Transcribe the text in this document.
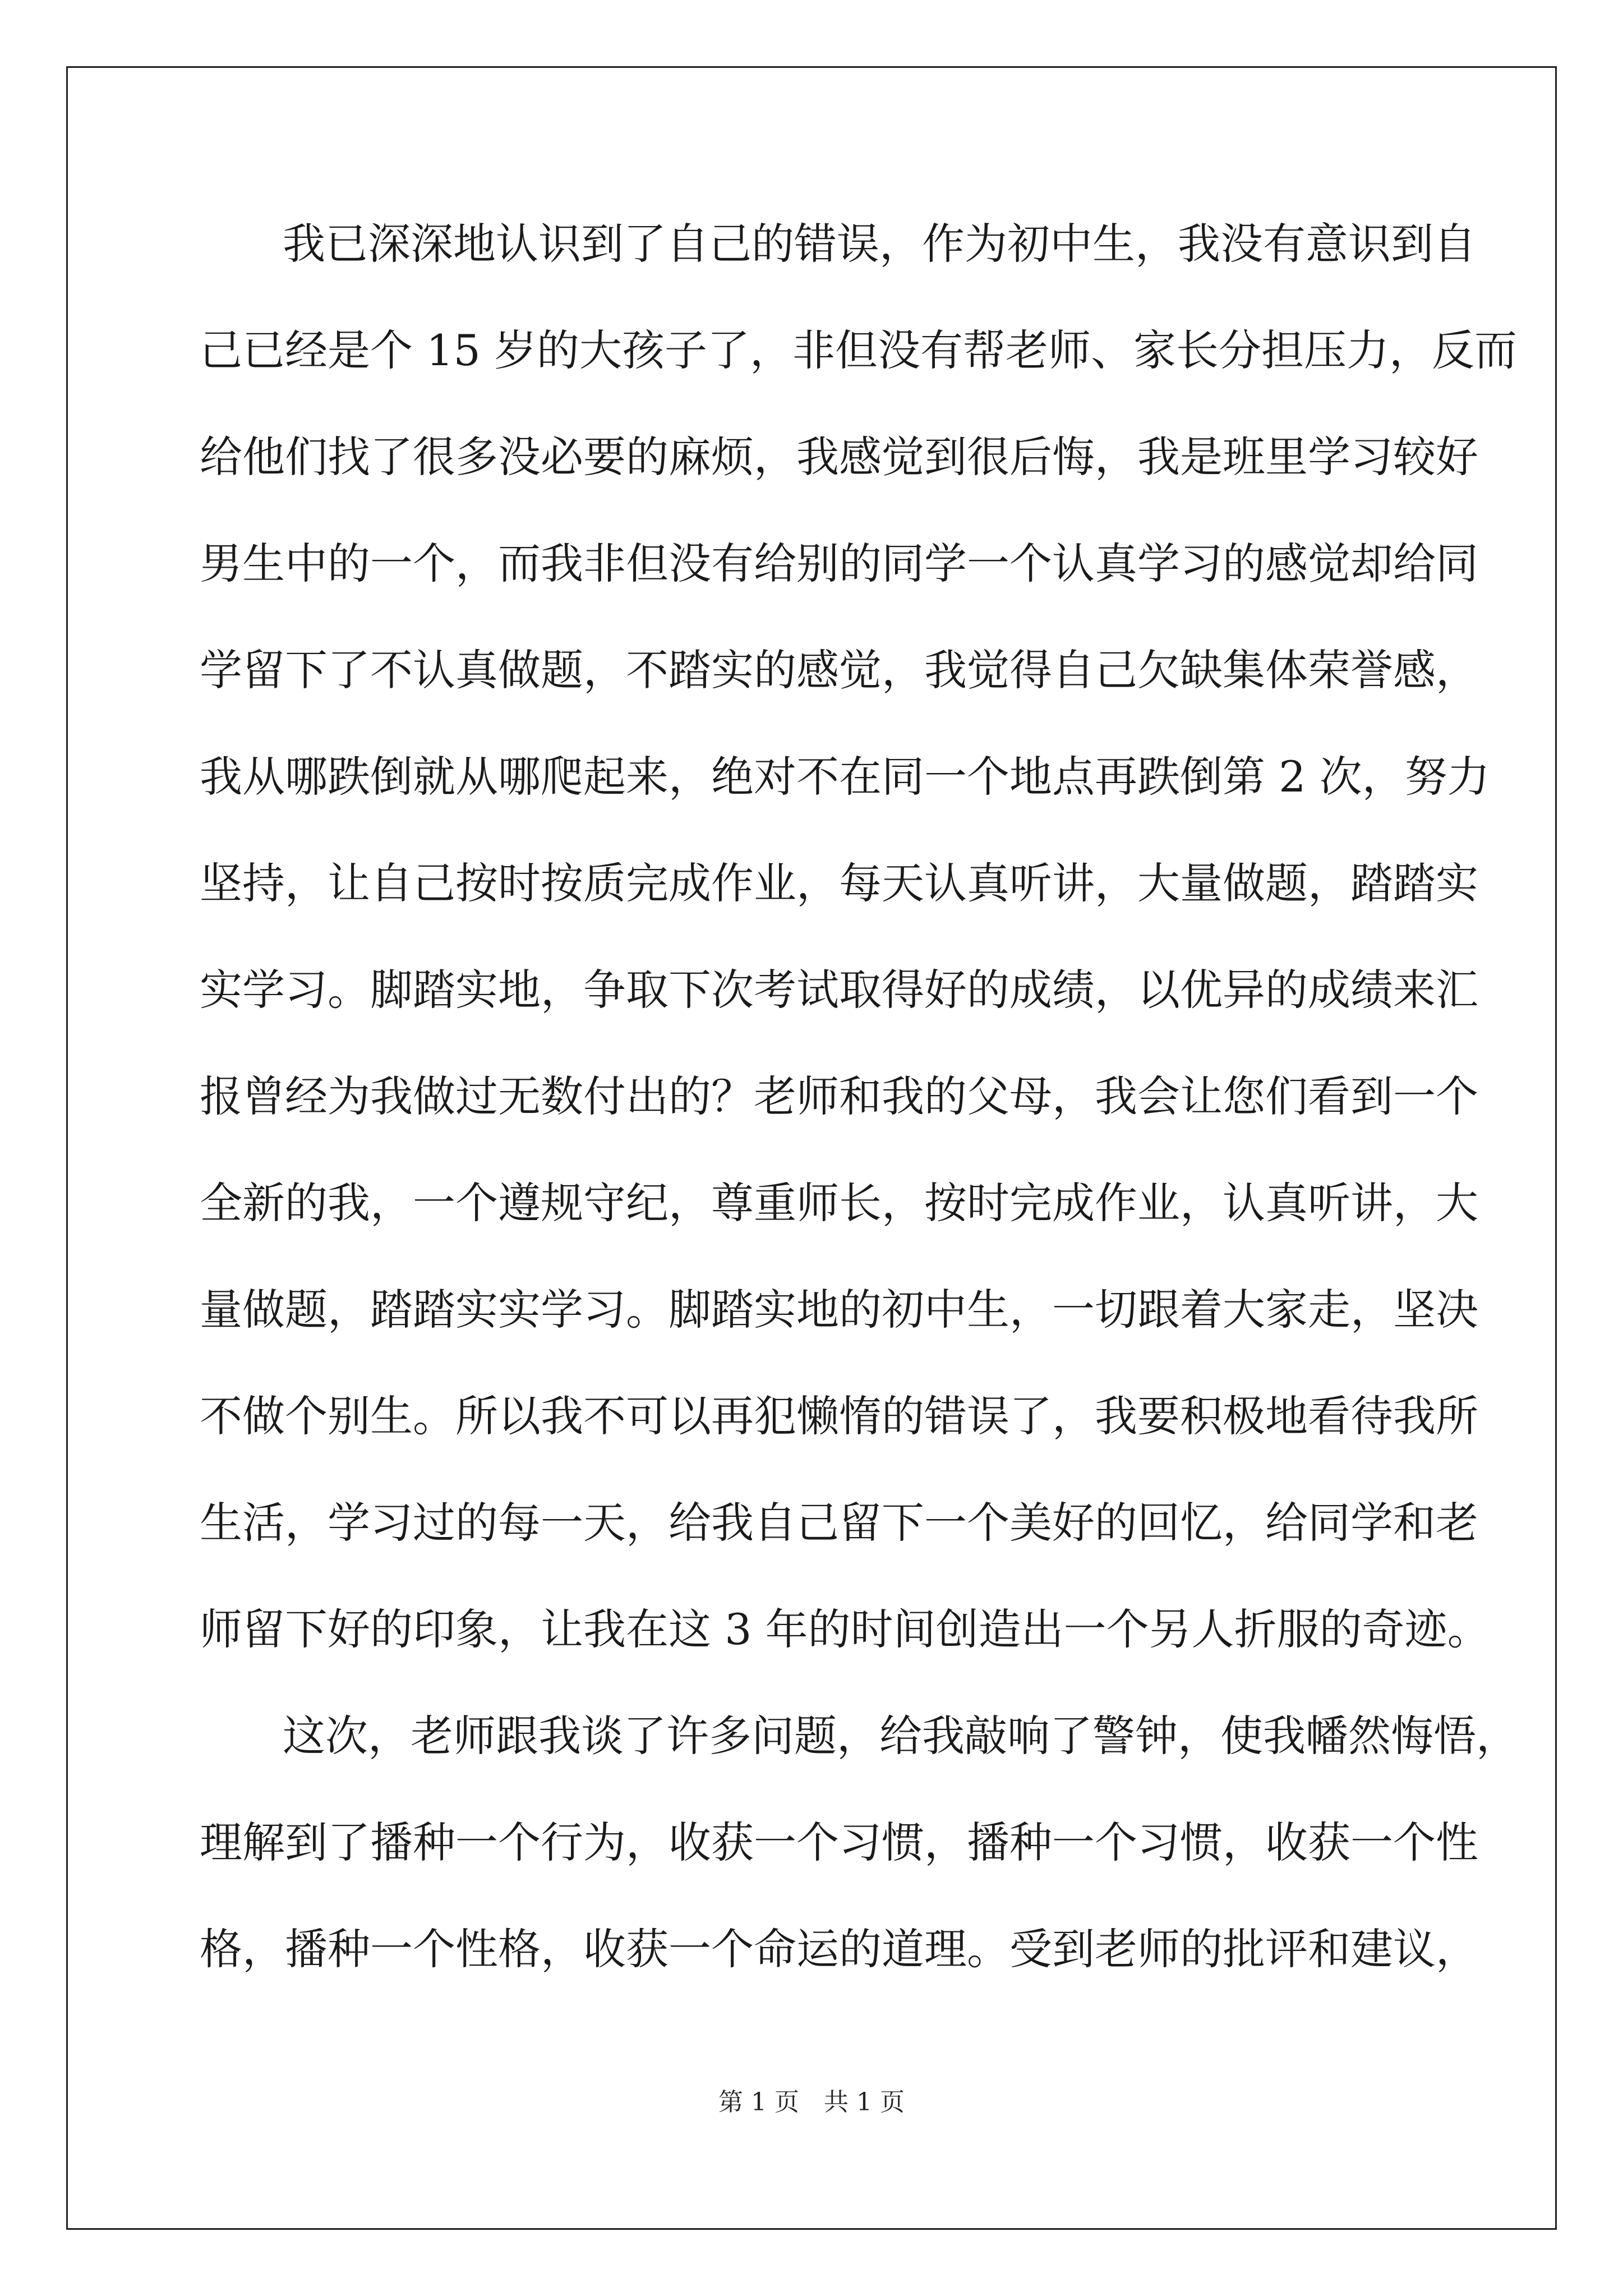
我已深深地认识到了自己的错误，作为初中生，我没有意识到自
己已经是个 15 岁的大孩子了，非但没有帮老师、家长分担压力，反而
给他们找了很多没必要的麻烦，我感觉到很后悔，我是班里学习较好
男生中的一个，而我非但没有给别的同学一个认真学习的感觉却给同
学留下了不认真做题，不踏实的感觉，我觉得自己欠缺集体荣誉感，
我从哪跌倒就从哪爬起来，绝对不在同一个地点再跌倒第 2 次，努力
坚持，让自己按时按质完成作业，每天认真听讲，大量做题，踏踏实
实学习。脚踏实地，争取下次考试取得好的成绩，以优异的成绩来汇
报曾经为我做过无数付出的？老师和我的父母，我会让您们看到一个
全新的我，一个遵规守纪，尊重师长，按时完成作业，认真听讲，大
量做题，踏踏实实学习。脚踏实地的初中生，一切跟着大家走，坚决
不做个别生。所以我不可以再犯懒惰的错误了，我要积极地看待我所
生活，学习过的每一天，给我自己留下一个美好的回忆，给同学和老
师留下好的印象，让我在这 3 年的时间创造出一个另人折服的奇迹。
这次，老师跟我谈了许多问题，给我敲响了警钟，使我幡然悔悟，
理解到了播种一个行为，收获一个习惯，播种一个习惯，收获一个性
格，播种一个性格，收获一个命运的道理。受到老师的批评和建议，
第 1 页　共 1 页
